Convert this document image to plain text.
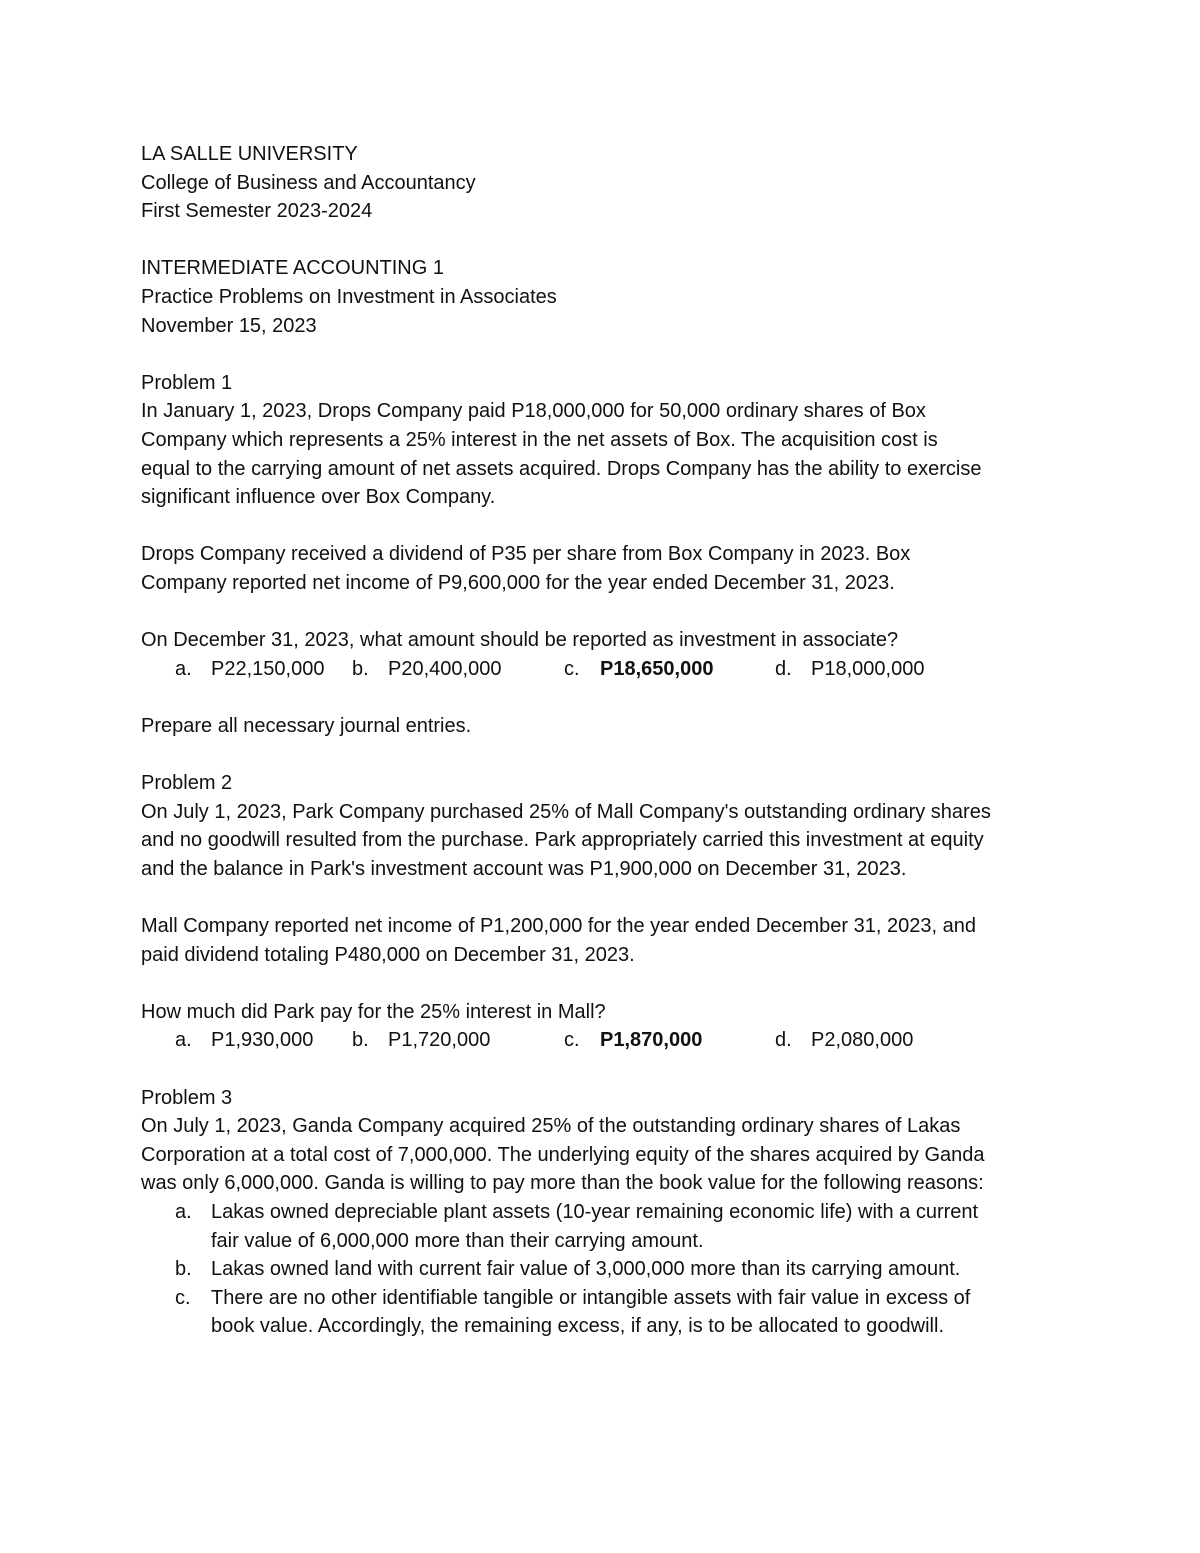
LA SALLE UNIVERSITY
College of Business and Accountancy
First Semester 2023-2024
INTERMEDIATE ACCOUNTING 1
Practice Problems on Investment in Associates
November 15, 2023
Problem 1
In January 1, 2023, Drops Company paid P18,000,000 for 50,000 ordinary shares of Box
Company which represents a 25% interest in the net assets of Box. The acquisition cost is
equal to the carrying amount of net assets acquired. Drops Company has the ability to exercise
significant influence over Box Company.
Drops Company received a dividend of P35 per share from Box Company in 2023. Box
Company reported net income of P9,600,000 for the year ended December 31, 2023.
On December 31, 2023, what amount should be reported as investment in associate?
a. P22,150,000 b. P20,400,000	c. P18,650,000	d. P18,000,000
Prepare all necessary journal entries.
Problem 2
On July 1, 2023, Park Company purchased 25% of Mall Company's outstanding ordinary shares
and no goodwill resulted from the purchase. Park appropriately carried this investment at equity
and the balance in Park's investment account was P1,900,000 on December 31, 2023.
Mall Company reported net income of P1,200,000 for the year ended December 31, 2023, and
paid dividend totaling P480,000 on December 31, 2023.
How much did Park pay for the 25% interest in Mall?
a. P1,930,000 b. P1,720,000	c. P1,870,000	d. P2,080,000
Problem 3
On July 1, 2023, Ganda Company acquired 25% of the outstanding ordinary shares of Lakas
Corporation at a total cost of 7,000,000. The underlying equity of the shares acquired by Ganda
was only 6,000,000. Ganda is willing to pay more than the book value for the following reasons:
a. Lakas owned depreciable plant assets (10-year remaining economic life) with a current
fair value of 6,000,000 more than their carrying amount.
b. Lakas owned land with current fair value of 3,000,000 more than its carrying amount.
c. There are no other identifiable tangible or intangible assets with fair value in excess of
book value. Accordingly, the remaining excess, if any, is to be allocated to goodwill.
